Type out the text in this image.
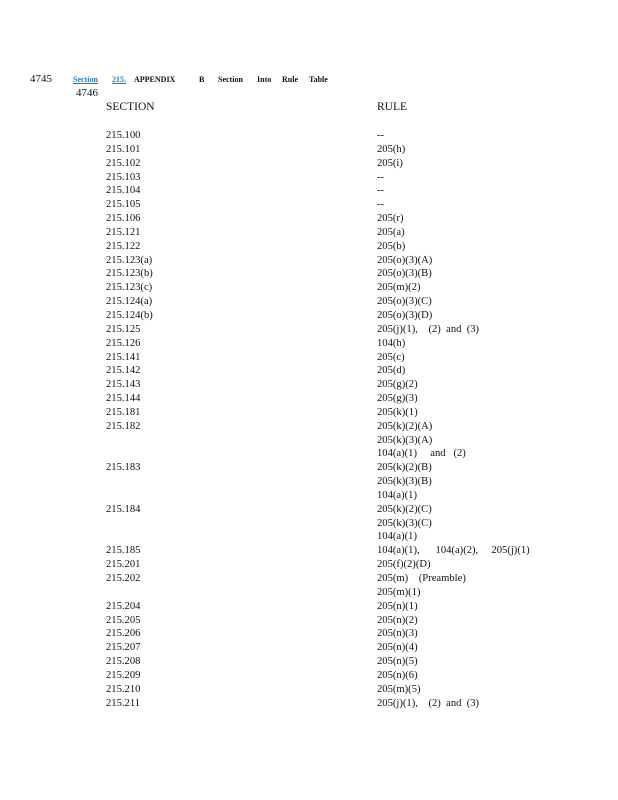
4745	Section 215. APPENDIX	B Section Into Rule Table
4746
SECTION	RULE
215.100	--
215.101	205(h)
215.102	205(i)
215.103	--
215.104	--
215.105	--
215.106	205(r)
215.121	205(a)
215.122	205(b)
215.123(a)	205(o)(3)(A)
215.123(b)	205(o)(3)(B)
215.123(c)	205(m)(2)
215.124(a)	205(o)(3)(C)
215.124(b)	205(o)(3)(D)
215.125	205(j)(1),    (2)  and  (3)
215.126	104(h)
215.141	205(c)
215.142	205(d)
215.143	205(g)(2)
215.144	205(g)(3)
215.181	205(k)(1)
215.182	205(k)(2)(A)
205(k)(3)(A)
104(a)(1)     and   (2)
215.183	205(k)(2)(B)
205(k)(3)(B)
104(a)(1)
215.184	205(k)(2)(C)
205(k)(3)(C)
104(a)(1)
215.185	104(a)(1),      104(a)(2),     205(j)(1)
215.201	205(f)(2)(D)
215.202	205(m)    (Preamble)
205(m)(1)
215.204	205(n)(1)
215.205	205(n)(2)
215.206	205(n)(3)
215.207	205(n)(4)
215.208	205(n)(5)
215.209	205(n)(6)
215.210	205(m)(5)
215.211	205(j)(1),    (2)  and  (3)
